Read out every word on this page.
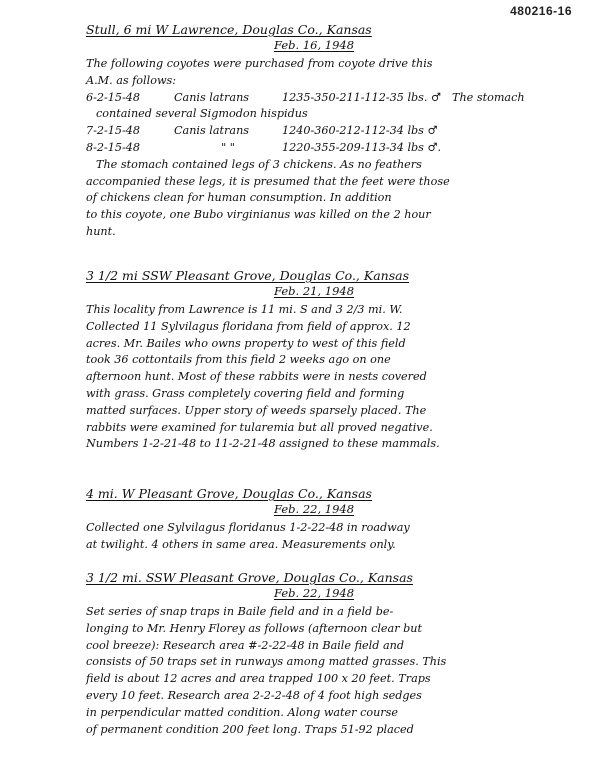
480216-16
Stull, 6 mi W Lawrence, Douglas Co., Kansas
Feb. 16, 1948
The following coyotes were purchased from coyote drive this
A.M. as follows:
6-2-15-48	Canis latrans	1235-350-211-112-35 lbs. ♂ The stomach
contained several Sigmodon hispidus
7-2-15-48	Canis latrans	1240-360-212-112-34 lbs ♂
8-2-15-48	" "	1220-355-209-113-34 lbs ♂.
The stomach contained legs of 3 chickens. As no feathers
accompanied these legs, it is presumed that the feet were those
of chickens clean for human consumption. In addition
to this coyote, one Bubo virginianus was killed on the 2 hour
hunt.
3 1/2 mi SSW Pleasant Grove, Douglas Co., Kansas
Feb. 21, 1948
This locality from Lawrence is 11 mi. S and 3 2/3 mi. W.
Collected 11 Sylvilagus floridana from field of approx. 12
acres. Mr. Bailes who owns property to west of this field
took 36 cottontails from this field 2 weeks ago on one
afternoon hunt. Most of these rabbits were in nests covered
with grass. Grass completely covering field and forming
matted surfaces. Upper story of weeds sparsely placed. The
rabbits were examined for tularemia but all proved negative.
Numbers 1-2-21-48 to 11-2-21-48 assigned to these mammals.
4 mi. W Pleasant Grove, Douglas Co., Kansas
Feb. 22, 1948
Collected one Sylvilagus floridanus 1-2-22-48 in roadway
at twilight. 4 others in same area. Measurements only.
3 1/2 mi. SSW Pleasant Grove, Douglas Co., Kansas
Feb. 22, 1948
Set series of snap traps in Baile field and in a field be-
longing to Mr. Henry Florey as follows (afternoon clear but
cool breeze): Research area #-2-22-48 in Baile field and
consists of 50 traps set in runways among matted grasses. This
field is about 12 acres and area trapped 100 x 20 feet. Traps
every 10 feet. Research area 2-2-2-48 of 4 foot high sedges
in perpendicular matted condition. Along water course
of permanent condition 200 feet long. Traps 51-92 placed
